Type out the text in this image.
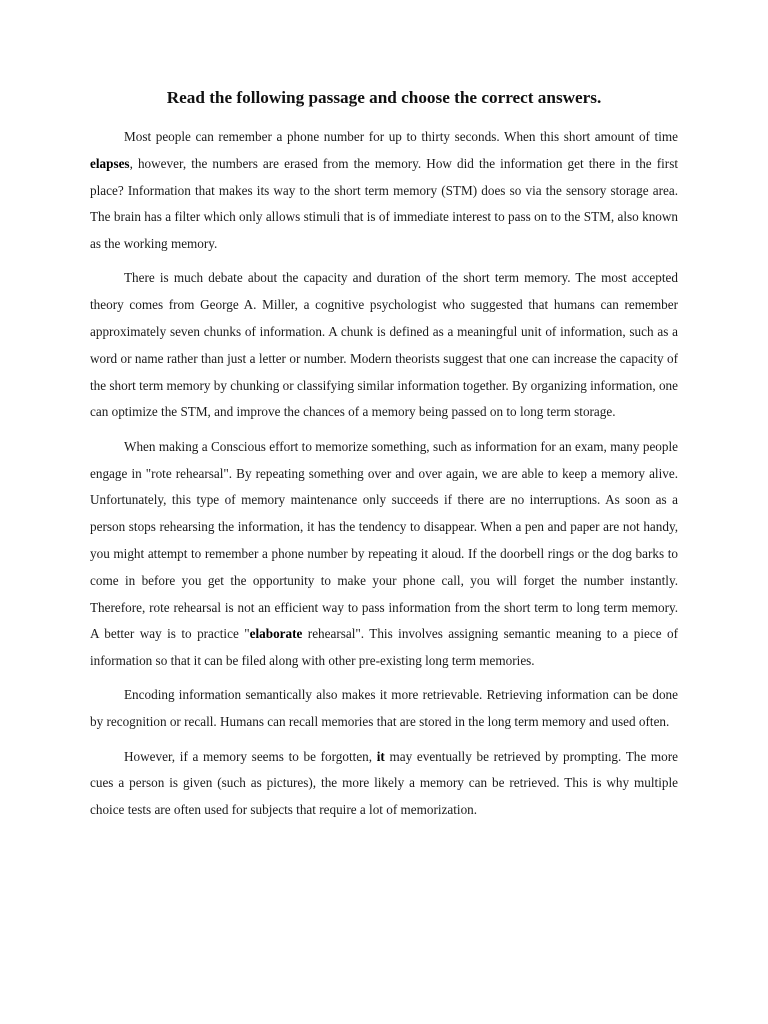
Read the following passage and choose the correct answers.

Most people can remember a phone number for up to thirty seconds. When this short amount of time elapses, however, the numbers are erased from the memory. How did the information get there in the first place? Information that makes its way to the short term memory (STM) does so via the sensory storage area. The brain has a filter which only allows stimuli that is of immediate interest to pass on to the STM, also known as the working memory.

There is much debate about the capacity and duration of the short term memory. The most accepted theory comes from George A. Miller, a cognitive psychologist who suggested that humans can remember approximately seven chunks of information. A chunk is defined as a meaningful unit of information, such as a word or name rather than just a letter or number. Modern theorists suggest that one can increase the capacity of the short term memory by chunking or classifying similar information together. By organizing information, one can optimize the STM, and improve the chances of a memory being passed on to long term storage.

When making a Conscious effort to memorize something, such as information for an exam, many people engage in "rote rehearsal". By repeating something over and over again, we are able to keep a memory alive. Unfortunately, this type of memory maintenance only succeeds if there are no interruptions. As soon as a person stops rehearsing the information, it has the tendency to disappear. When a pen and paper are not handy, you might attempt to remember a phone number by repeating it aloud. If the doorbell rings or the dog barks to come in before you get the opportunity to make your phone call, you will forget the number instantly. Therefore, rote rehearsal is not an efficient way to pass information from the short term to long term memory. A better way is to practice "elaborate rehearsal". This involves assigning semantic meaning to a piece of information so that it can be filed along with other pre-existing long term memories.

Encoding information semantically also makes it more retrievable. Retrieving information can be done by recognition or recall. Humans can recall memories that are stored in the long term memory and used often.

However, if a memory seems to be forgotten, it may eventually be retrieved by prompting. The more cues a person is given (such as pictures), the more likely a memory can be retrieved. This is why multiple choice tests are often used for subjects that require a lot of memorization.
